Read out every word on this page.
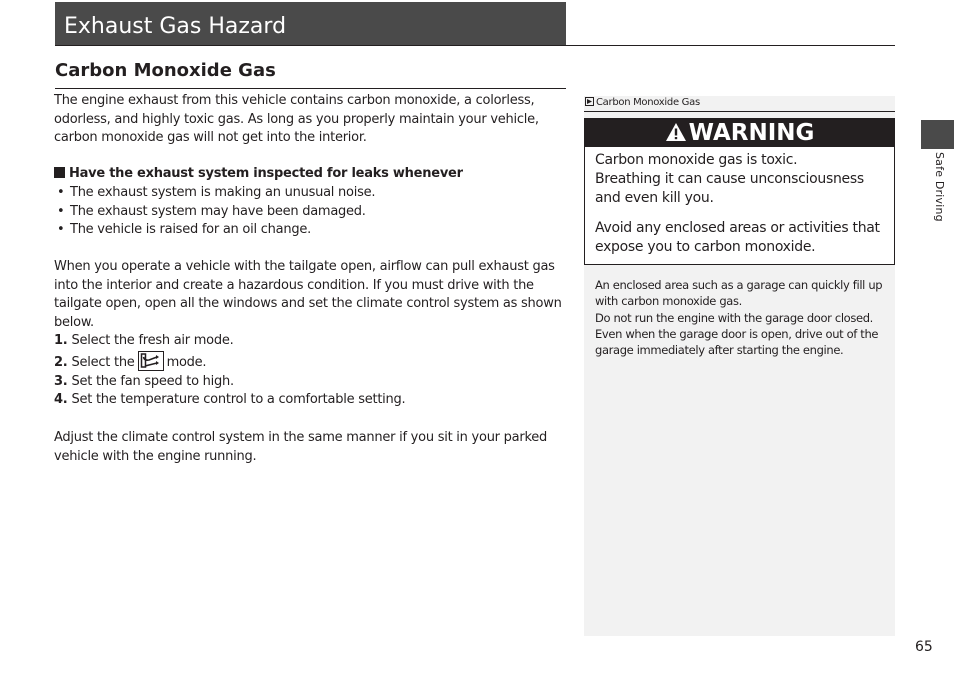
Exhaust Gas Hazard
Carbon Monoxide Gas

The engine exhaust from this vehicle contains carbon monoxide, a colorless, odorless, and highly toxic gas. As long as you properly maintain your vehicle, carbon monoxide gas will not get into the interior.

Have the exhaust system inspected for leaks whenever
• The exhaust system is making an unusual noise.
• The exhaust system may have been damaged.
• The vehicle is raised for an oil change.

When you operate a vehicle with the tailgate open, airflow can pull exhaust gas into the interior and create a hazardous condition. If you must drive with the tailgate open, open all the windows and set the climate control system as shown below.

1. Select the fresh air mode.
2. Select the mode.
3. Set the fan speed to high.
4. Set the temperature control to a comfortable setting.

Adjust the climate control system in the same manner if you sit in your parked vehicle with the engine running.

Carbon Monoxide Gas
WARNING

Carbon monoxide gas is toxic.

Breathing it can cause unconsciousness and even kill you.

Avoid any enclosed areas or activities that expose you to carbon monoxide.

An enclosed area such as a garage can quickly fill up with carbon monoxide gas.

Do not run the engine with the garage door closed. Even when the garage door is open, drive out of the garage immediately after starting the engine.

Safe Driving
65
